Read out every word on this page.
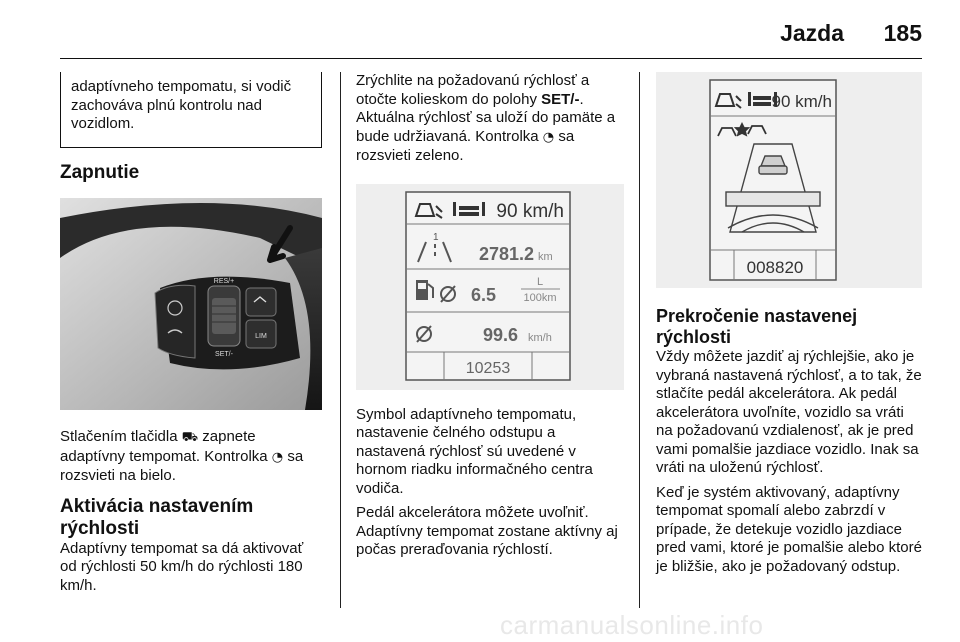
Jazda 185
adaptívneho tempomatu, si vodič zachováva plnú kontrolu nad vozidlom.
Zapnutie
RES/+
SET/-
LIM

Stlačením tlačidla ⛟ zapnete adaptívny tempomat. Kontrolka ◔ sa rozsvieti na bielo.

Aktivácia nastavením rýchlosti

Adaptívny tempomat sa dá aktivovať od rýchlosti 50 km/h do rýchlosti 180 km/h.

Zrýchlite na požadovanú rýchlosť a otočte kolieskom do polohy SET/-. Aktuálna rýchlosť sa uloží do pamäte a bude udržiavaná. Kontrolka ◔ sa rozsvieti zeleno.

90 km/h
1
2781.2 km
6.5
L
100km
99.6 km/h
10253

Symbol adaptívneho tempomatu, nastavenie čelného odstupu a nastavená rýchlosť sú uvedené v hornom riadku informačného centra vodiča.

Pedál akcelerátora môžete uvoľniť. Adaptívny tempomat zostane aktívny aj počas preraďovania rýchlostí.

90 km/h
008820
Prekročenie nastavenej rýchlosti

Vždy môžete jazdiť aj rýchlejšie, ako je vybraná nastavená rýchlosť, a to tak, že stlačíte pedál akcelerátora. Ak pedál akcelerátora uvoľníte, vozidlo sa vráti na požadovanú vzdialenosť, ak je pred vami pomalšie jazdiace vozidlo. Inak sa vráti na uloženú rýchlosť.

Keď je systém aktivovaný, adaptívny tempomat spomalí alebo zabrzdí v prípade, že detekuje vozidlo jazdiace pred vami, ktoré je pomalšie alebo ktoré je bližšie, ako je požadovaný odstup.

carmanualsonline.info
